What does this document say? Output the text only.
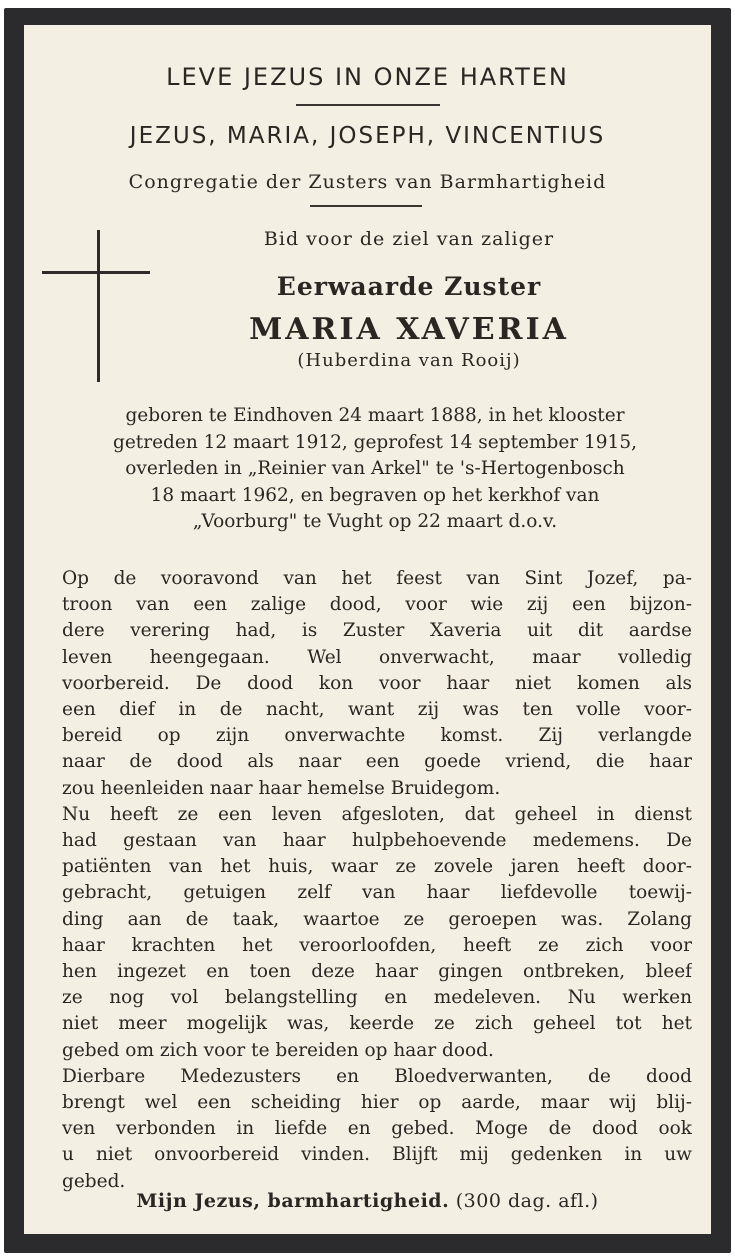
LEVE JEZUS IN ONZE HARTEN
JEZUS, MARIA, JOSEPH, VINCENTIUS
Congregatie der Zusters van Barmhartigheid
Bid voor de ziel van zaliger
Eerwaarde Zuster
MARIA XAVERIA
(Huberdina van Rooij)
geboren te Eindhoven 24 maart 1888, in het klooster
getreden 12 maart 1912, geprofest 14 september 1915,
overleden in „Reinier van Arkel" te 's-Hertogenbosch
18 maart 1962, en begraven op het kerkhof van
„Voorburg" te Vught op 22 maart d.o.v.
Op de vooravond van het feest van Sint Jozef, pa-
troon van een zalige dood, voor wie zij een bijzon-
dere verering had, is Zuster Xaveria uit dit aardse
leven heengegaan. Wel onverwacht, maar volledig
voorbereid. De dood kon voor haar niet komen als
een dief in de nacht, want zij was ten volle voor-
bereid op zijn onverwachte komst. Zij verlangde
naar de dood als naar een goede vriend, die haar
zou heenleiden naar haar hemelse Bruidegom.
Nu heeft ze een leven afgesloten, dat geheel in dienst
had gestaan van haar hulpbehoevende medemens. De
patiënten van het huis, waar ze zovele jaren heeft door-
gebracht, getuigen zelf van haar liefdevolle toewij-
ding aan de taak, waartoe ze geroepen was. Zolang
haar krachten het veroorloofden, heeft ze zich voor
hen ingezet en toen deze haar gingen ontbreken, bleef
ze nog vol belangstelling en medeleven. Nu werken
niet meer mogelijk was, keerde ze zich geheel tot het
gebed om zich voor te bereiden op haar dood.
Dierbare Medezusters en Bloedverwanten, de dood
brengt wel een scheiding hier op aarde, maar wij blij-
ven verbonden in liefde en gebed. Moge de dood ook
u niet onvoorbereid vinden. Blijft mij gedenken in uw
gebed.
Mijn Jezus, barmhartigheid. (300 dag. afl.)
